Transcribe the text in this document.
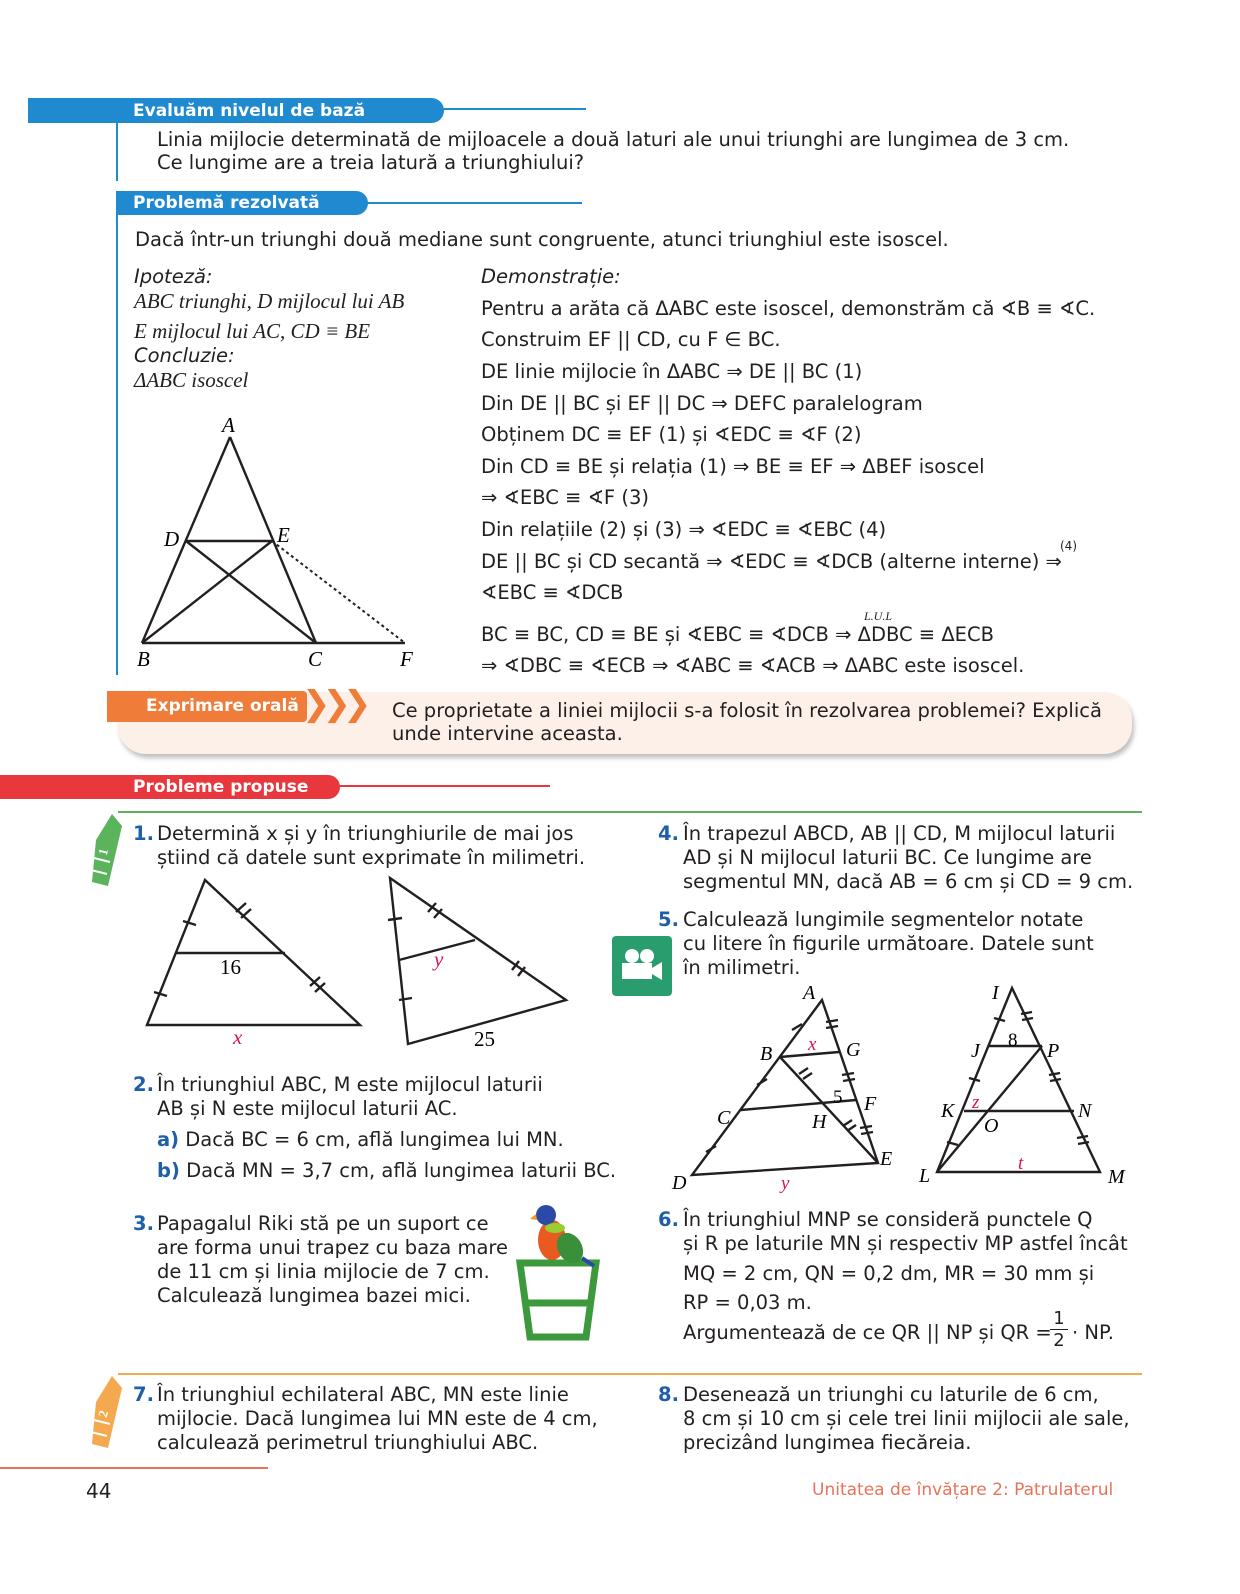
Evaluăm nivelul de bază
Linia mijlocie determinată de mijloacele a două laturi ale unui triunghi are lungimea de 3 cm.
Ce lungime are a treia latură a triunghiului?
Problemă rezolvată
Dacă într-un triunghi două mediane sunt congruente, atunci triunghiul este isoscel.
Ipoteză:
ABC triunghi, D mijlocul lui AB
E mijlocul lui AC, CD ≡ BE
Concluzie:
ΔABC isoscel
A
D	E
B	C	F
Demonstrație:
Pentru a arăta că ΔABC este isoscel, demonstrăm că ∢B ≡ ∢C.
Construim EF || CD, cu F ∈ BC.
DE linie mijlocie în ΔABC ⇒ DE || BC (1)
Din DE || BC și EF || DC ⇒ DEFC paralelogram
Obținem DC ≡ EF (1) și ∢EDC ≡ ∢F (2)
Din CD ≡ BE și relația (1) ⇒ BE ≡ EF ⇒ ΔBEF isoscel
⇒ ∢EBC ≡ ∢F (3)
Din relațiile (2) și (3) ⇒ ∢EDC ≡ ∢EBC (4)
DE || BC și CD secantă ⇒ ∢EDC ≡ ∢DCB (alterne interne) ⇒
(4)
∢EBC ≡ ∢DCB
L.U.L
BC ≡ BC, CD ≡ BE și ∢EBC ≡ ∢DCB ⇒ ΔDBC ≡ ΔECB
⇒ ∢DBC ≡ ∢ECB ⇒ ∢ABC ≡ ∢ACB ⇒ ΔABC este isoscel.
❯❯❯
Exprimare orală	Ce proprietate a liniei mijlocii s-a folosit în rezolvarea problemei? Explică
unde intervine aceasta.
Probleme propuse
1
2
1. Determină x și y în triunghiurile de mai jos
știind că datele sunt exprimate în milimetri.
16
x
y
25
2. În triunghiul ABC, M este mijlocul laturii
AB și N este mijlocul laturii AC.
a) Dacă BC = 6 cm, află lungimea lui MN.
b) Dacă MN = 3,7 cm, află lungimea laturii BC.
3. Papagalul Riki stă pe un suport ce
are forma unui trapez cu baza mare
de 11 cm și linia mijlocie de 7 cm.
Calculează lungimea bazei mici.
4. În trapezul ABCD, AB || CD, M mijlocul laturii
AD și N mijlocul laturii BC. Ce lungime are
segmentul MN, dacă AB = 6 cm și CD = 9 cm.
5. Calculează lungimile segmentelor notate
cu litere în figurile următoare. Datele sunt
în milimetri.
A
B x G
C
5 F
H
D	y
E
I
J 8 P
K z	N
O
L
t
M
6. În triunghiul MNP se consideră punctele Q
și R pe laturile MN și respectiv MP astfel încât
MQ = 2 cm, QN = 0,2 dm, MR = 30 mm și
RP = 0,03 m.
Argumentează de ce QR || NP și QR =
$\frac{1}{2}$ · NP.
7. În triunghiul echilateral ABC, MN este linie
mijlocie. Dacă lungimea lui MN este de 4 cm,
calculează perimetrul triunghiului ABC.
8. Desenează un triunghi cu laturile de 6 cm,
8 cm și 10 cm și cele trei linii mijlocii ale sale,
precizând lungimea fiecăreia.
44	Unitatea de învățare 2: Patrulaterul
